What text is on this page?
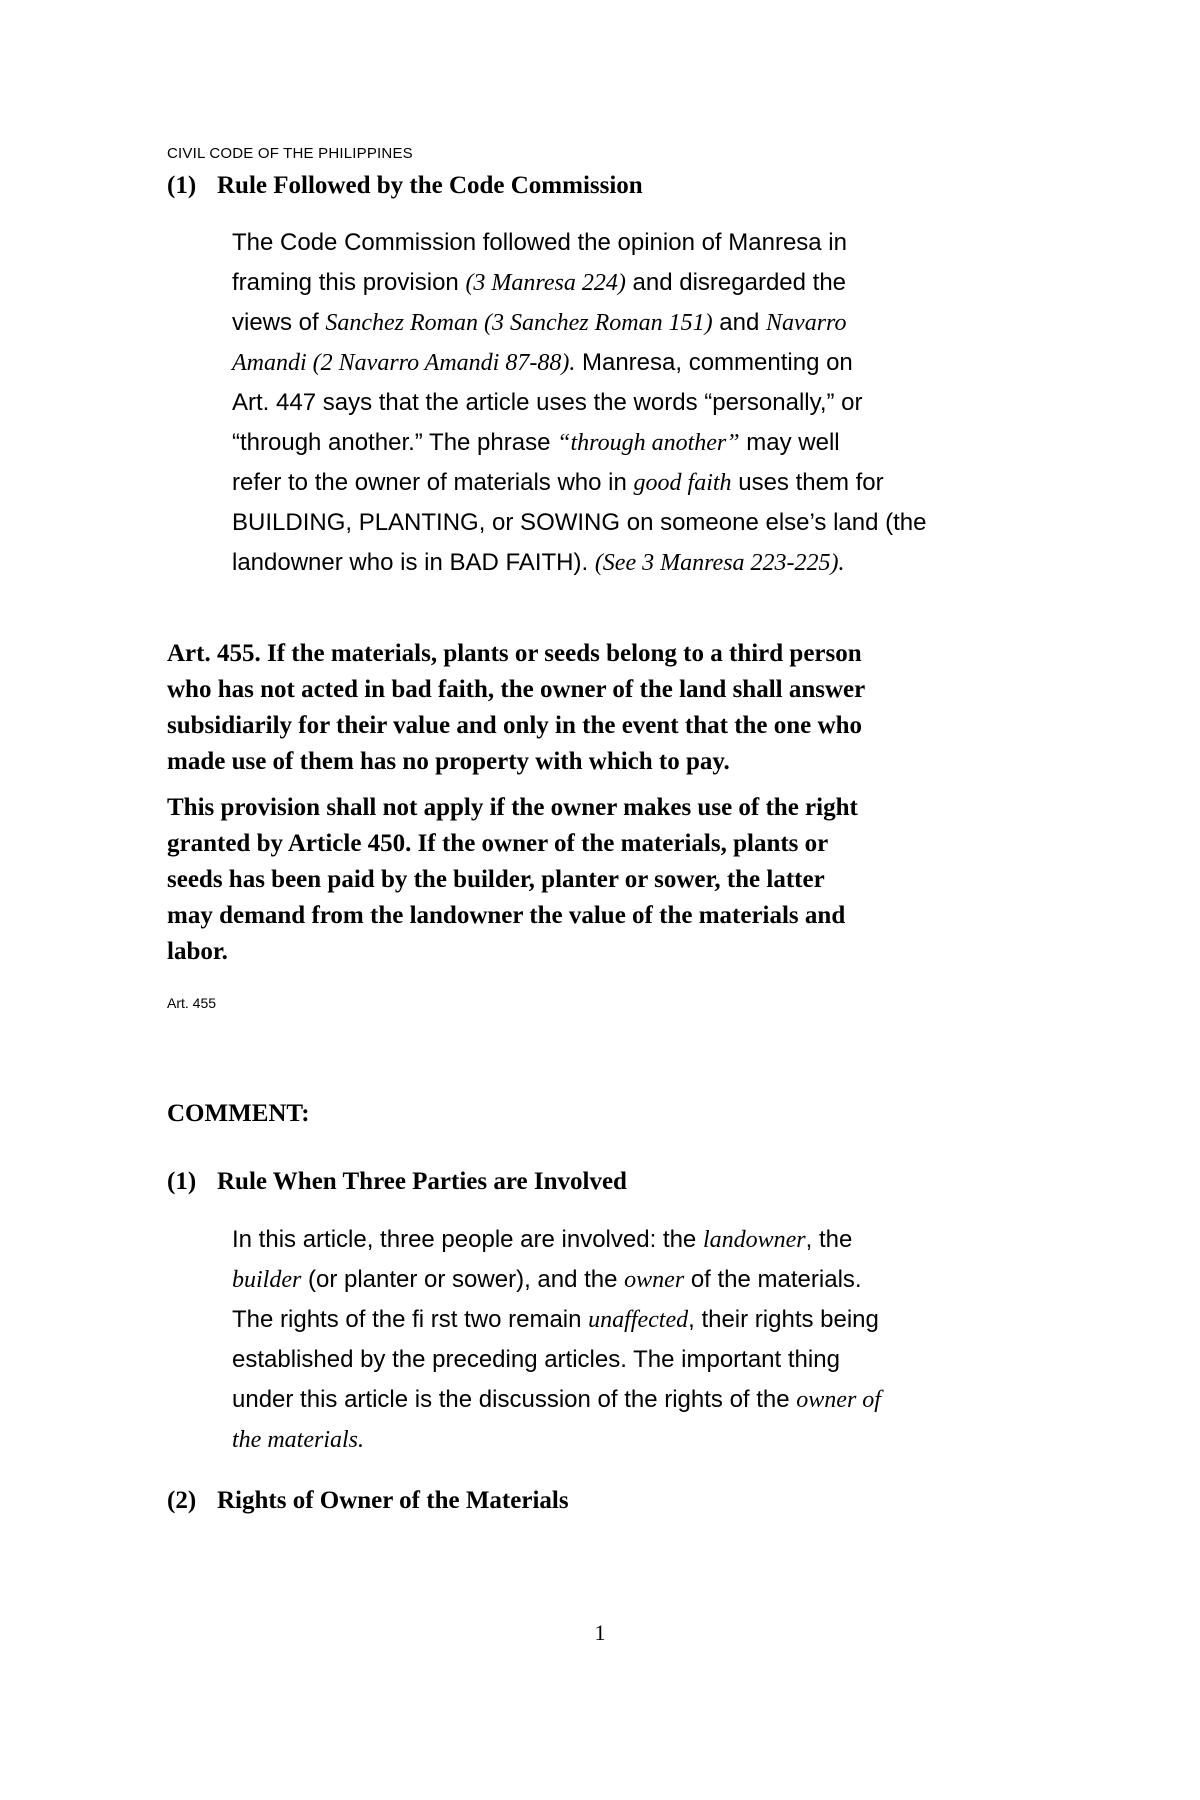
CIVIL CODE OF THE PHILIPPINES
(1) Rule Followed by the Code Commission

The Code Commission followed the opinion of Manresa in

framing this provision (3 Manresa 224) and disregarded the

views of Sanchez Roman (3 Sanchez Roman 151) and Navarro

Amandi (2 Navarro Amandi 87-88). Manresa, commenting on

Art. 447 says that the article uses the words “personally,” or

“through another.” The phrase “through another” may well

refer to the owner of materials who in good faith uses them for

BUILDING, PLANTING, or SOWING on someone else’s land (the

landowner who is in BAD FAITH). (See 3 Manresa 223-225).

Art. 455. If the materials, plants or seeds belong to a third person

who has not acted in bad faith, the owner of the land shall answer

subsidiarily for their value and only in the event that the one who

made use of them has no property with which to pay.

This provision shall not apply if the owner makes use of the right

granted by Article 450. If the owner of the materials, plants or

seeds has been paid by the builder, planter or sower, the latter

may demand from the landowner the value of the materials and

labor.

Art. 455
COMMENT:
(1) Rule When Three Parties are Involved

In this article, three people are involved: the landowner, the

builder (or planter or sower), and the owner of the materials.

The rights of the fi rst two remain unaffected, their rights being

established by the preceding articles. The important thing

under this article is the discussion of the rights of the owner of

the materials.

(2) Rights of Owner of the Materials
1
